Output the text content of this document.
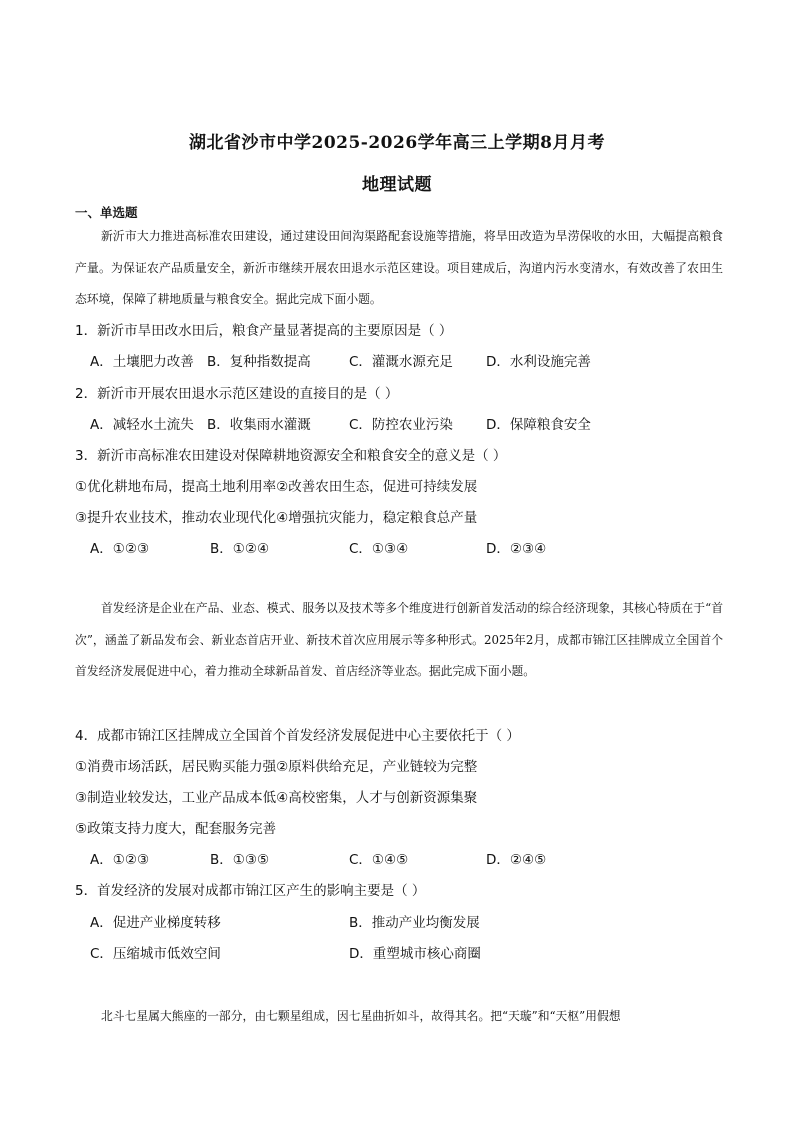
湖北省沙市中学2025-2026学年高三上学期8月月考
地理试题
一、单选题

新沂市大力推进高标准农田建设，通过建设田间沟渠路配套设施等措施，将旱田改造为旱涝保收的水田，大幅提高粮食产量。为保证农产品质量安全，新沂市继续开展农田退水示范区建设。项目建成后，沟道内污水变清水，有效改善了农田生态环境，保障了耕地质量与粮食安全。据此完成下面小题。

1．新沂市旱田改水田后，粮食产量显著提高的主要原因是（ ）
A．土壤肥力改善 B．复种指数提高	C．灌溉水源充足 D．水利设施完善
2．新沂市开展农田退水示范区建设的直接目的是（ ）
A．减轻水土流失 B．收集雨水灌溉	C．防控农业污染 D．保障粮食安全
3．新沂市高标准农田建设对保障耕地资源安全和粮食安全的意义是（ ）
①优化耕地布局，提高土地利用率②改善农田生态，促进可持续发展
③提升农业技术，推动农业现代化④增强抗灾能力，稳定粮食总产量
A．①②③	B．①②④	C．①③④	D．②③④

首发经济是企业在产品、业态、模式、服务以及技术等多个维度进行创新首发活动的综合经济现象，其核心特质在于“首次”，涵盖了新品发布会、新业态首店开业、新技术首次应用展示等多种形式。2025年2月，成都市锦江区挂牌成立全国首个首发经济发展促进中心，着力推动全球新品首发、首店经济等业态。据此完成下面小题。

4．成都市锦江区挂牌成立全国首个首发经济发展促进中心主要依托于（ ）
①消费市场活跃，居民购买能力强②原料供给充足，产业链较为完整
③制造业较发达，工业产品成本低④高校密集，人才与创新资源集聚
⑤政策支持力度大，配套服务完善
A．①②③	B．①③⑤	C．①④⑤	D．②④⑤
5．首发经济的发展对成都市锦江区产生的影响主要是（ ）
A．促进产业梯度转移	B．推动产业均衡发展
C．压缩城市低效空间	D．重塑城市核心商圈

北斗七星属大熊座的一部分，由七颗星组成，因七星曲折如斗，故得其名。把“天璇”和“天枢”用假想
